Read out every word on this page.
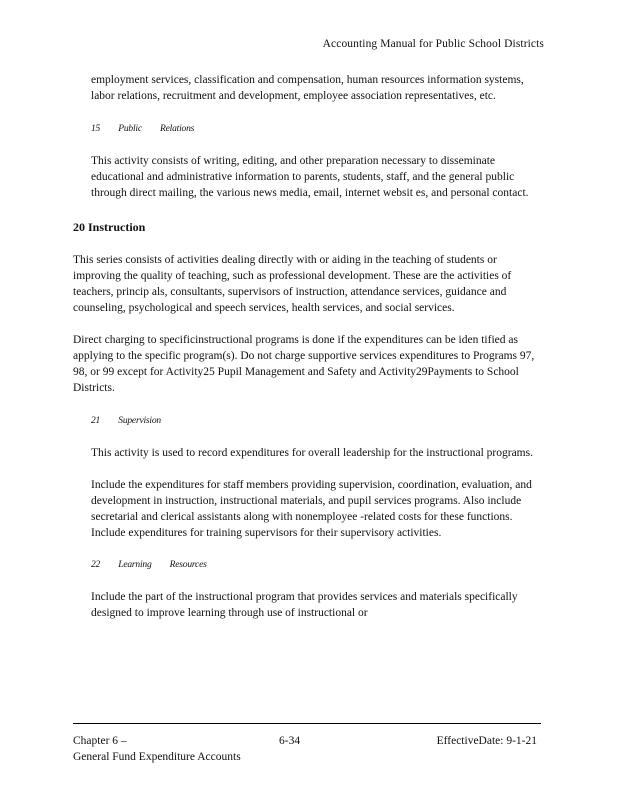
Accounting Manual for Public School Districts

employment services, classification and compensation, human resources information systems, labor relations, recruitment and development, employee association representatives, etc.

15 Public Relations

This activity consists of writing, editing, and other preparation necessary to disseminate educational and administrative information to parents, students, staff, and the general public through direct mailing, the various news media, email, internet websit es, and personal contact.

20 Instruction

This series consists of activities dealing directly with or aiding in the teaching of students or improving the quality of teaching, such as professional development. These are the activities of teachers, princip als, consultants, supervisors of instruction, attendance services, guidance and counseling, psychological and speech services, health services, and social services.

Direct charging to specificinstructional programs is done if the expenditures can be iden tified as applying to the specific program(s). Do not charge supportive services expenditures to Programs 97, 98, or 99 except for Activity25 Pupil Management and Safety and Activity29Payments to School Districts.

21 Supervision

This activity is used to record expenditures for overall leadership for the instructional programs.

Include the expenditures for staff members providing supervision, coordination, evaluation, and development in instruction, instructional materials, and pupil services programs. Also include secretarial and clerical assistants along with nonemployee -related costs for these functions. Include expenditures for training supervisors for their supervisory activities.

22 Learning Resources

Include the part of the instructional program that provides services and materials specifically designed to improve learning through use of instructional or

Chapter 6 –	6-34	EffectiveDate: 9-1-21
General Fund Expenditure Accounts
